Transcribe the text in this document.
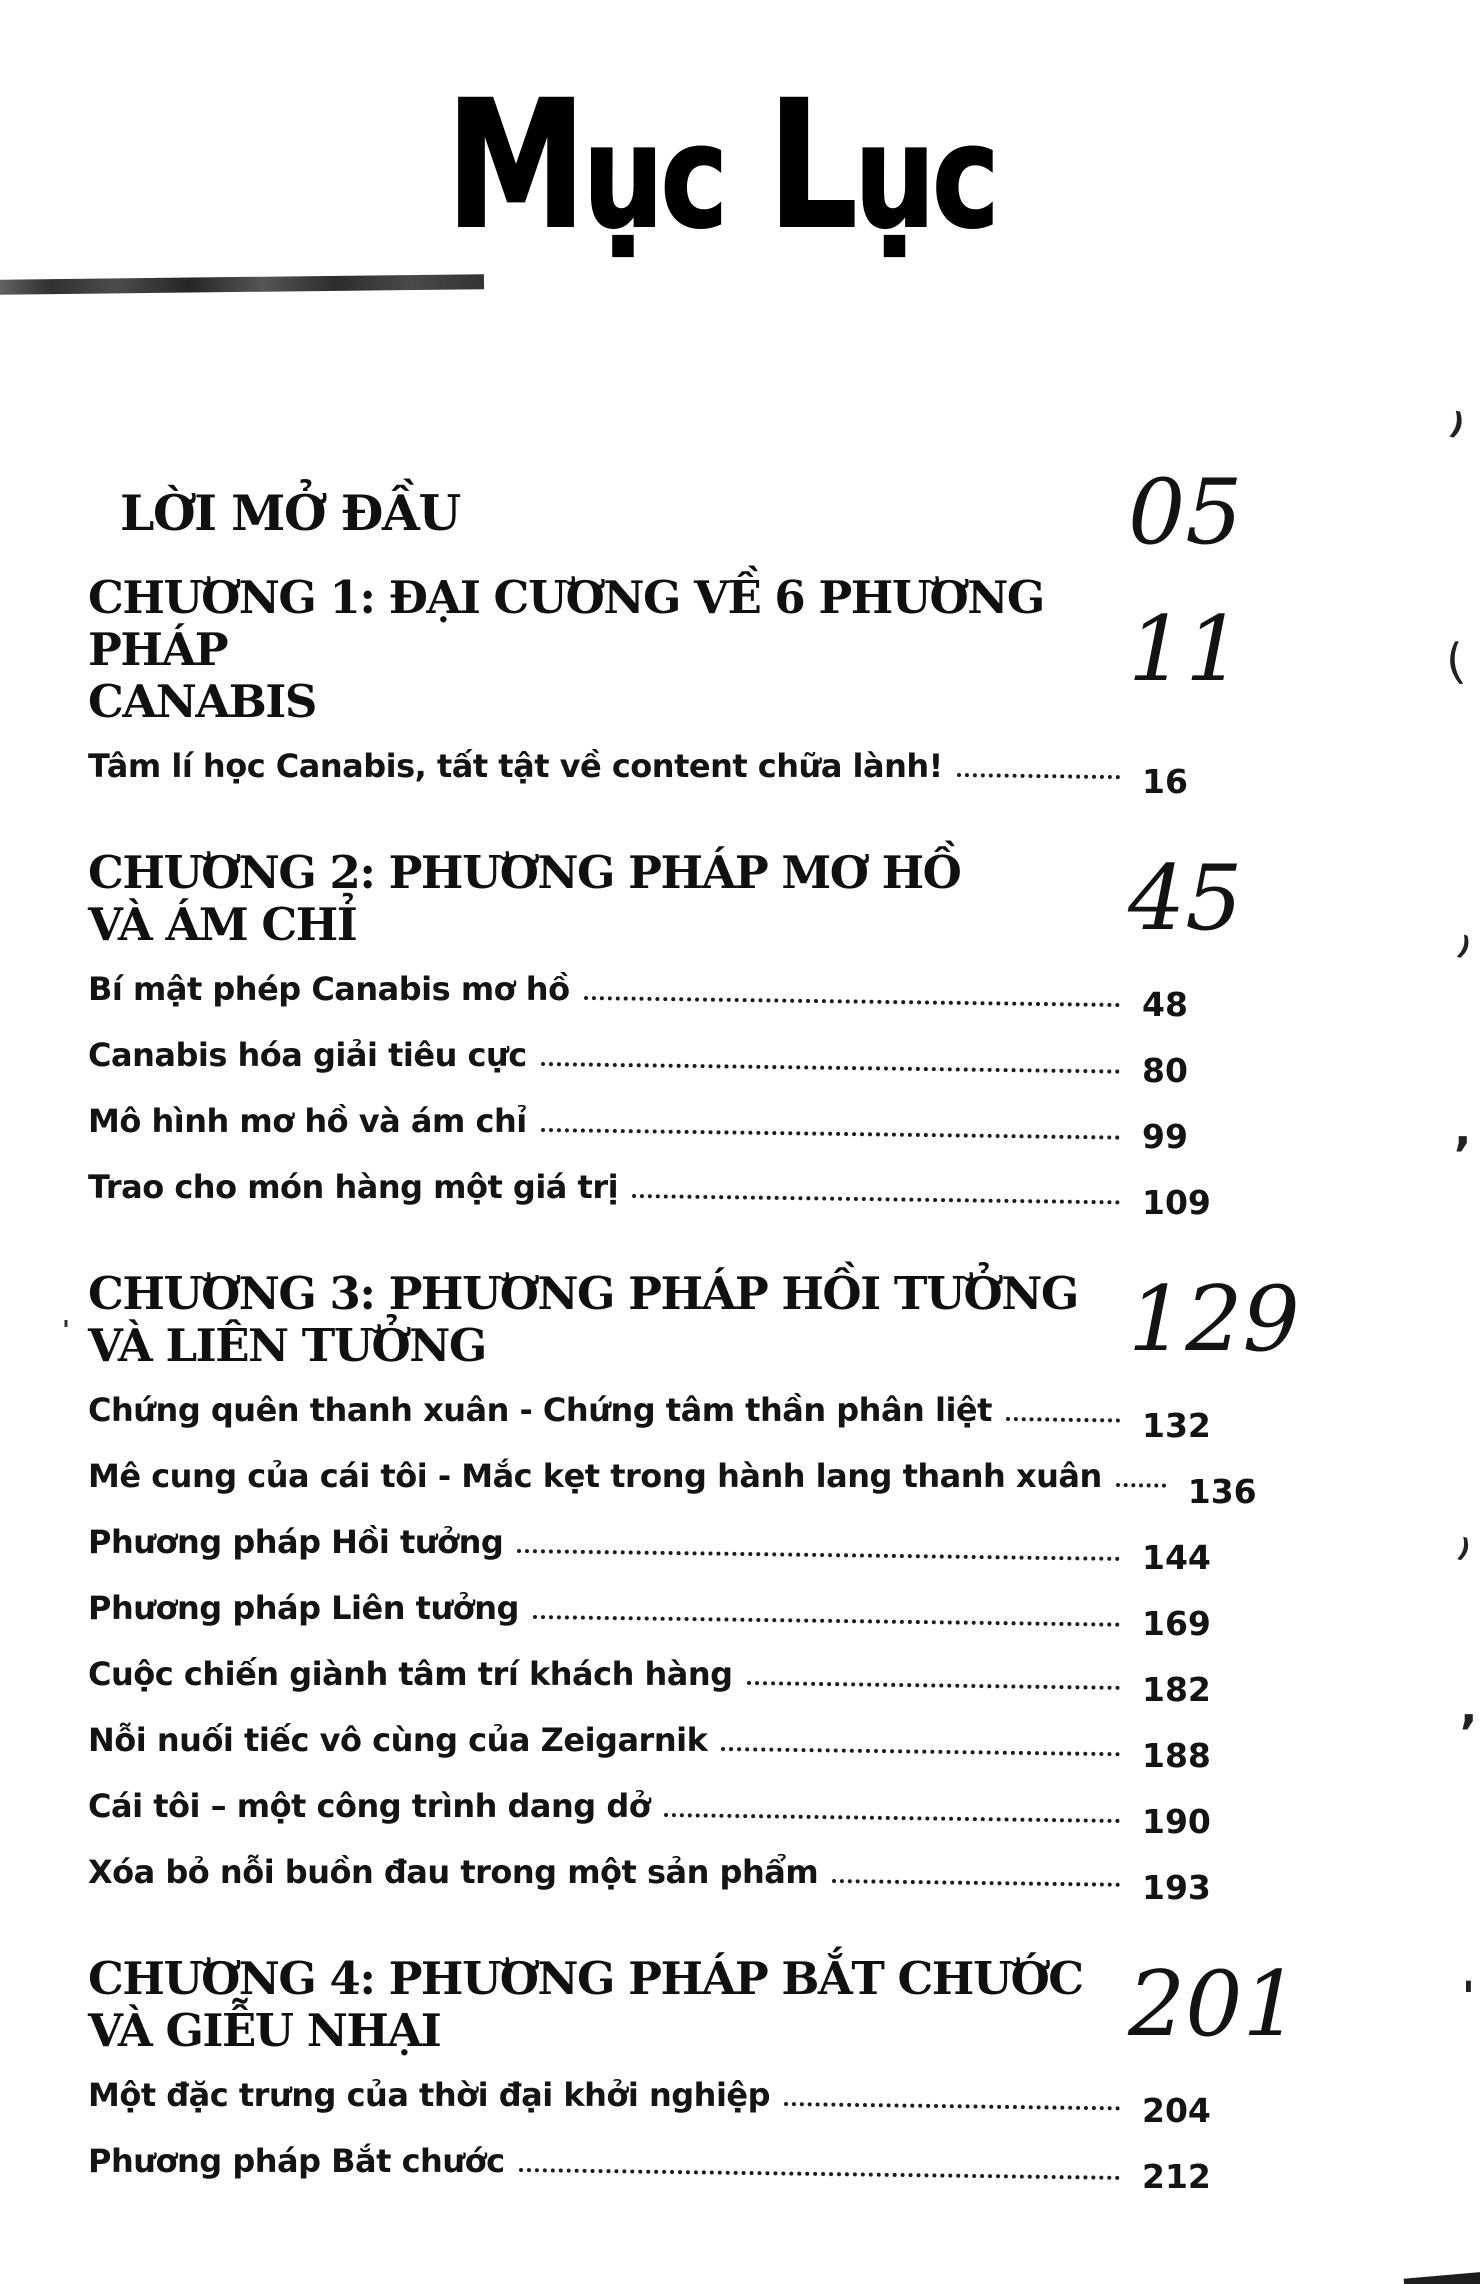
Mục Lục
LỜI MỞ ĐẦU	05
CHƯƠNG 1: ĐẠI CƯƠNG VỀ 6 PHƯƠNG PHÁP
CANABIS	11
Tâm lí học Canabis, tất tật về content chữa lành!	16
CHƯƠNG 2: PHƯƠNG PHÁP MƠ HỒ
VÀ ÁM CHỈ	45
Bí mật phép Canabis mơ hồ	48
Canabis hóa giải tiêu cực	80
Mô hình mơ hồ và ám chỉ	99
Trao cho món hàng một giá trị	109
CHƯƠNG 3: PHƯƠNG PHÁP HỒI TƯỞNG
VÀ LIÊN TƯỞNG	129
Chứng quên thanh xuân - Chứng tâm thần phân liệt	132
Mê cung của cái tôi - Mắc kẹt trong hành lang thanh xuân	136
Phương pháp Hồi tưởng	144
Phương pháp Liên tưởng	169
Cuộc chiến giành tâm trí khách hàng	182
Nỗi nuối tiếc vô cùng của Zeigarnik	188
Cái tôi – một công trình dang dở	190
Xóa bỏ nỗi buồn đau trong một sản phẩm	193
CHƯƠNG 4: PHƯƠNG PHÁP BẮT CHƯỚC
VÀ GIỄU NHẠI	201
Một đặc trưng của thời đại khởi nghiệp	204
Phương pháp Bắt chước	212
)
(
)
,
)
,
'
'
